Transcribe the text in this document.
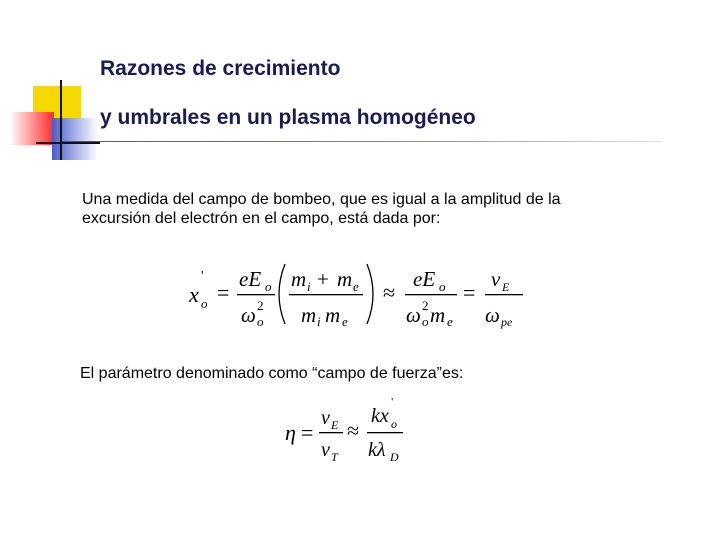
Razones de crecimiento
y umbrales en un plasma homogéneo
Una medida del campo de bombeo, que es igual a la amplitud de la
excursión del electrón en el campo, está dada por:
x
'
o =
eE o
ω 2
o
m i + m e
m i m e
≈
eE o
ω 2
o m e
=
v E
ω pe
El parámetro denominado como “campo de fuerza”es:
η =
v E
v T
≈
kx
'
o
kλ D
